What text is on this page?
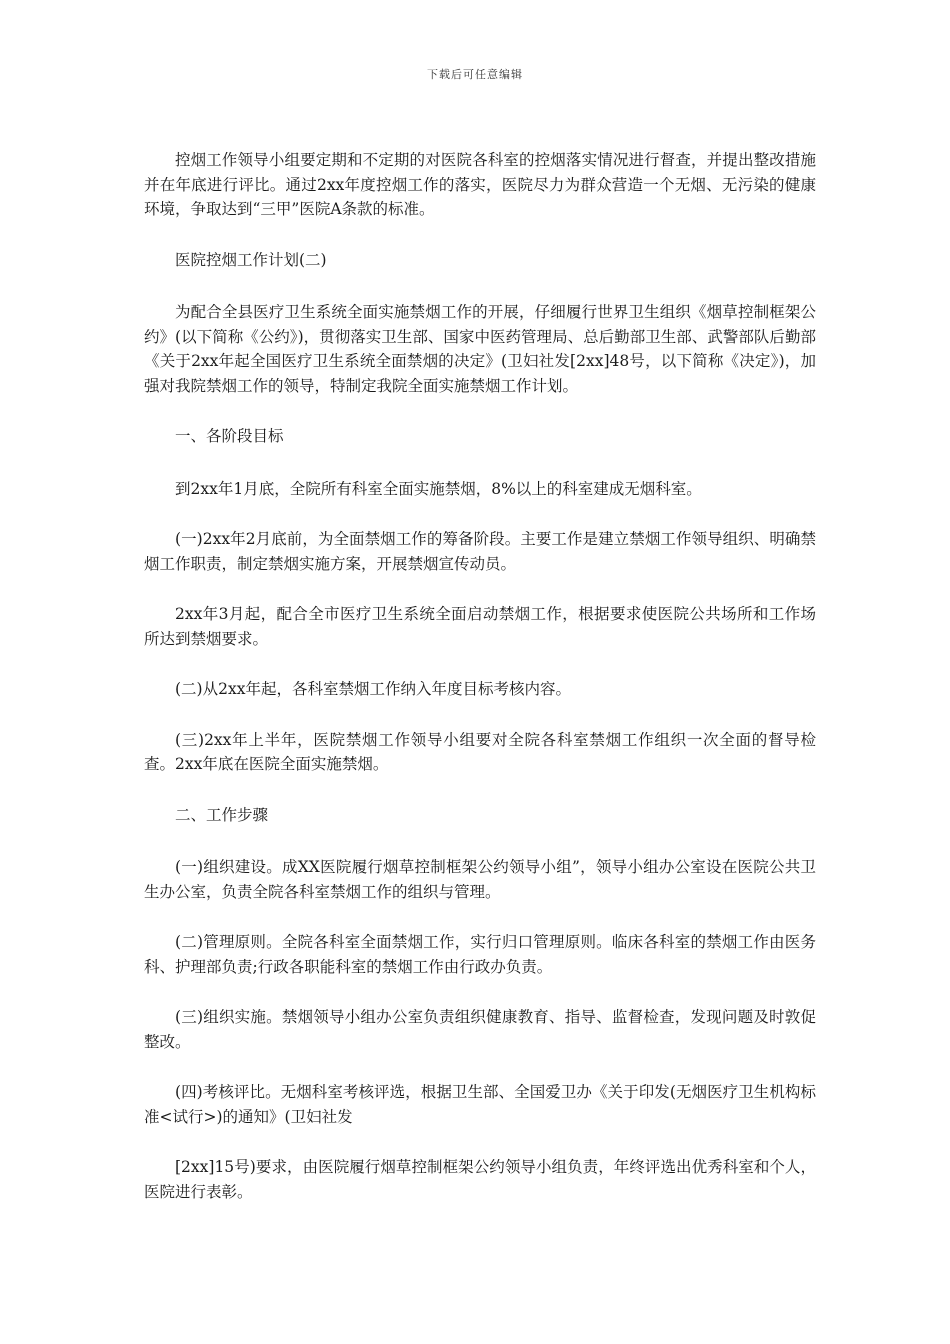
下载后可任意编辑

控烟工作领导小组要定期和不定期的对医院各科室的控烟落实情况进行督查，并提出整改措施并在年底进行评比。通过2xx年度控烟工作的落实，医院尽力为群众营造一个无烟、无污染的健康环境，争取达到“三甲”医院A条款的标准。

医院控烟工作计划(二)

为配合全县医疗卫生系统全面实施禁烟工作的开展，仔细履行世界卫生组织《烟草控制框架公约》(以下简称《公约》)，贯彻落实卫生部、国家中医药管理局、总后勤部卫生部、武警部队后勤部《关于2xx年起全国医疗卫生系统全面禁烟的决定》(卫妇社发[2xx]48号，以下简称《决定》)，加强对我院禁烟工作的领导，特制定我院全面实施禁烟工作计划。

一、各阶段目标

到2xx年1月底，全院所有科室全面实施禁烟，8%以上的科室建成无烟科室。

(一)2xx年2月底前，为全面禁烟工作的筹备阶段。主要工作是建立禁烟工作领导组织、明确禁烟工作职责，制定禁烟实施方案，开展禁烟宣传动员。

2xx年3月起，配合全市医疗卫生系统全面启动禁烟工作，根据要求使医院公共场所和工作场所达到禁烟要求。

(二)从2xx年起，各科室禁烟工作纳入年度目标考核内容。

(三)2xx年上半年，医院禁烟工作领导小组要对全院各科室禁烟工作组织一次全面的督导检查。2xx年底在医院全面实施禁烟。

二、工作步骤

(一)组织建设。成XX医院履行烟草控制框架公约领导小组”，领导小组办公室设在医院公共卫生办公室，负责全院各科室禁烟工作的组织与管理。

(二)管理原则。全院各科室全面禁烟工作，实行归口管理原则。临床各科室的禁烟工作由医务科、护理部负责;行政各职能科室的禁烟工作由行政办负责。

(三)组织实施。禁烟领导小组办公室负责组织健康教育、指导、监督检查，发现问题及时敦促整改。

(四)考核评比。无烟科室考核评选，根据卫生部、全国爱卫办《关于印发(无烟医疗卫生机构标准<试行>)的通知》(卫妇社发

[2xx]15号)要求，由医院履行烟草控制框架公约领导小组负责，年终评选出优秀科室和个人，医院进行表彰。
